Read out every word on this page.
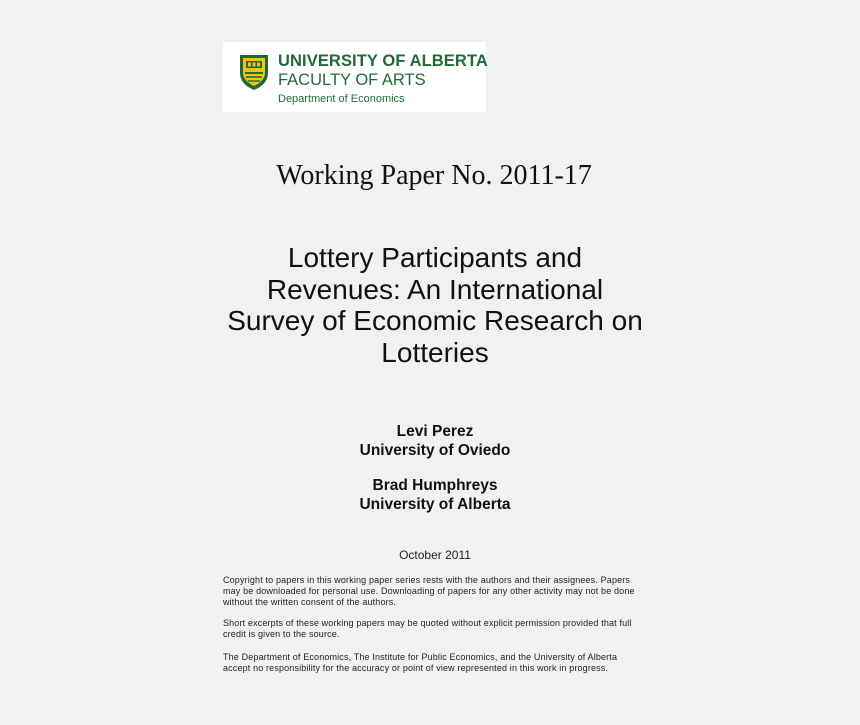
UNIVERSITY OF ALBERTA
FACULTY OF ARTS
Department of Economics
Working Paper No. 2011-17
Lottery Participants and
Revenues: An International
Survey of Economic Research on
Lotteries
Levi Perez
University of Oviedo
Brad Humphreys
University of Alberta
October 2011
Copyright to papers in this working paper series rests with the authors and their assignees. Papers may be downloaded for personal use. Downloading of papers for any other activity may not be done without the written consent of the authors.
Short excerpts of these working papers may be quoted without explicit permission provided that full credit is given to the source.
The Department of Economics, The Institute for Public Economics, and the University of Alberta accept no responsibility for the accuracy or point of view represented in this work in progress.
